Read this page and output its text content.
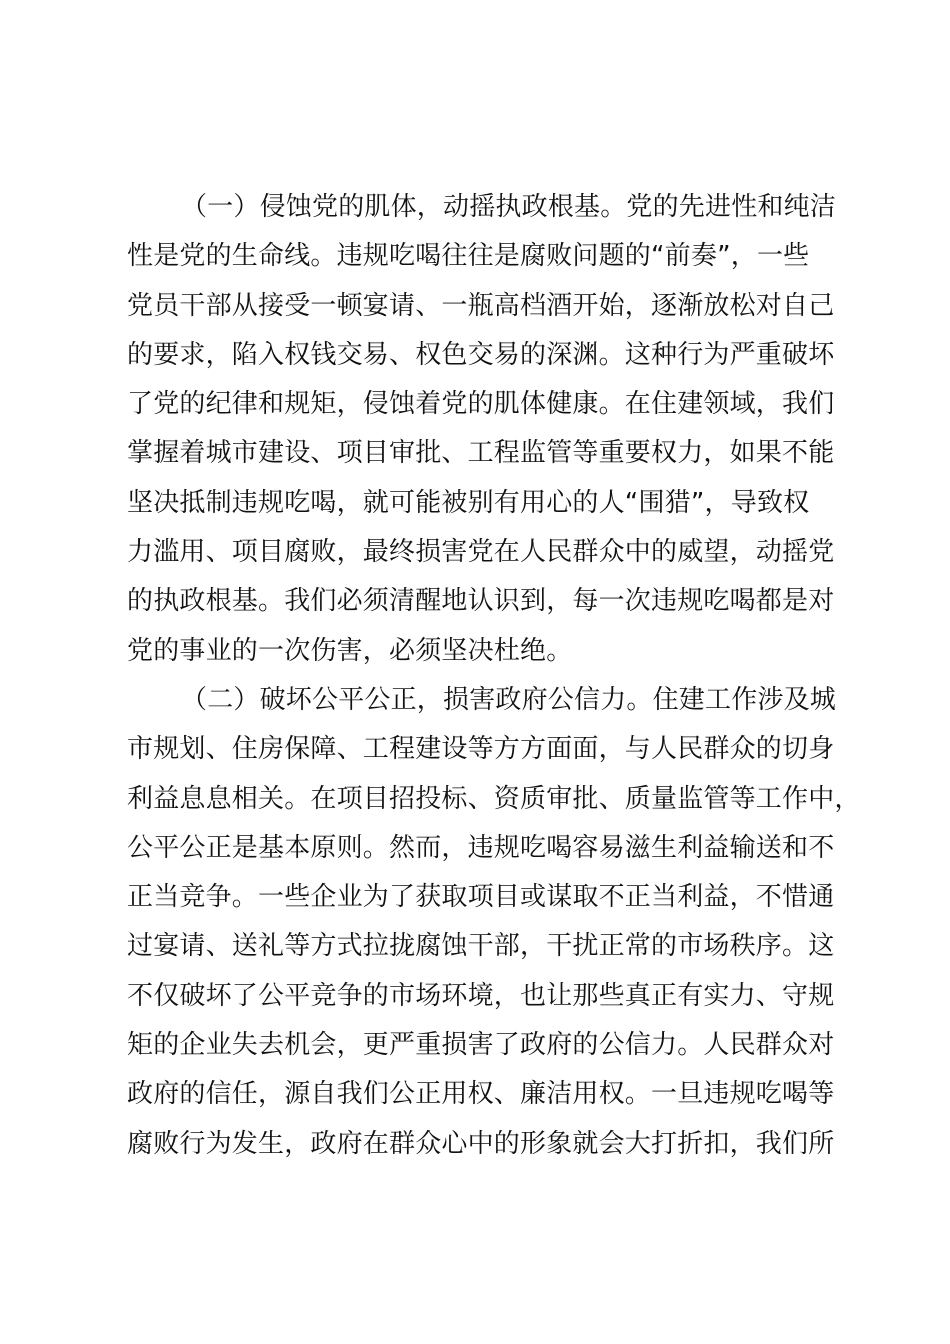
（一）侵蚀党的肌体，动摇执政根基。党的先进性和纯洁
性是党的生命线。违规吃喝往往是腐败问题的“前奏”，一些
党员干部从接受一顿宴请、一瓶高档酒开始，逐渐放松对自己
的要求，陷入权钱交易、权色交易的深渊。这种行为严重破坏
了党的纪律和规矩，侵蚀着党的肌体健康。在住建领域，我们
掌握着城市建设、项目审批、工程监管等重要权力，如果不能
坚决抵制违规吃喝，就可能被别有用心的人“围猎”，导致权
力滥用、项目腐败，最终损害党在人民群众中的威望，动摇党
的执政根基。我们必须清醒地认识到，每一次违规吃喝都是对
党的事业的一次伤害，必须坚决杜绝。
（二）破坏公平公正，损害政府公信力。住建工作涉及城
市规划、住房保障、工程建设等方方面面，与人民群众的切身
利益息息相关。在项目招投标、资质审批、质量监管等工作中，
公平公正是基本原则。然而，违规吃喝容易滋生利益输送和不
正当竞争。一些企业为了获取项目或谋取不正当利益，不惜通
过宴请、送礼等方式拉拢腐蚀干部，干扰正常的市场秩序。这
不仅破坏了公平竞争的市场环境，也让那些真正有实力、守规
矩的企业失去机会，更严重损害了政府的公信力。人民群众对
政府的信任，源自我们公正用权、廉洁用权。一旦违规吃喝等
腐败行为发生，政府在群众心中的形象就会大打折扣，我们所
